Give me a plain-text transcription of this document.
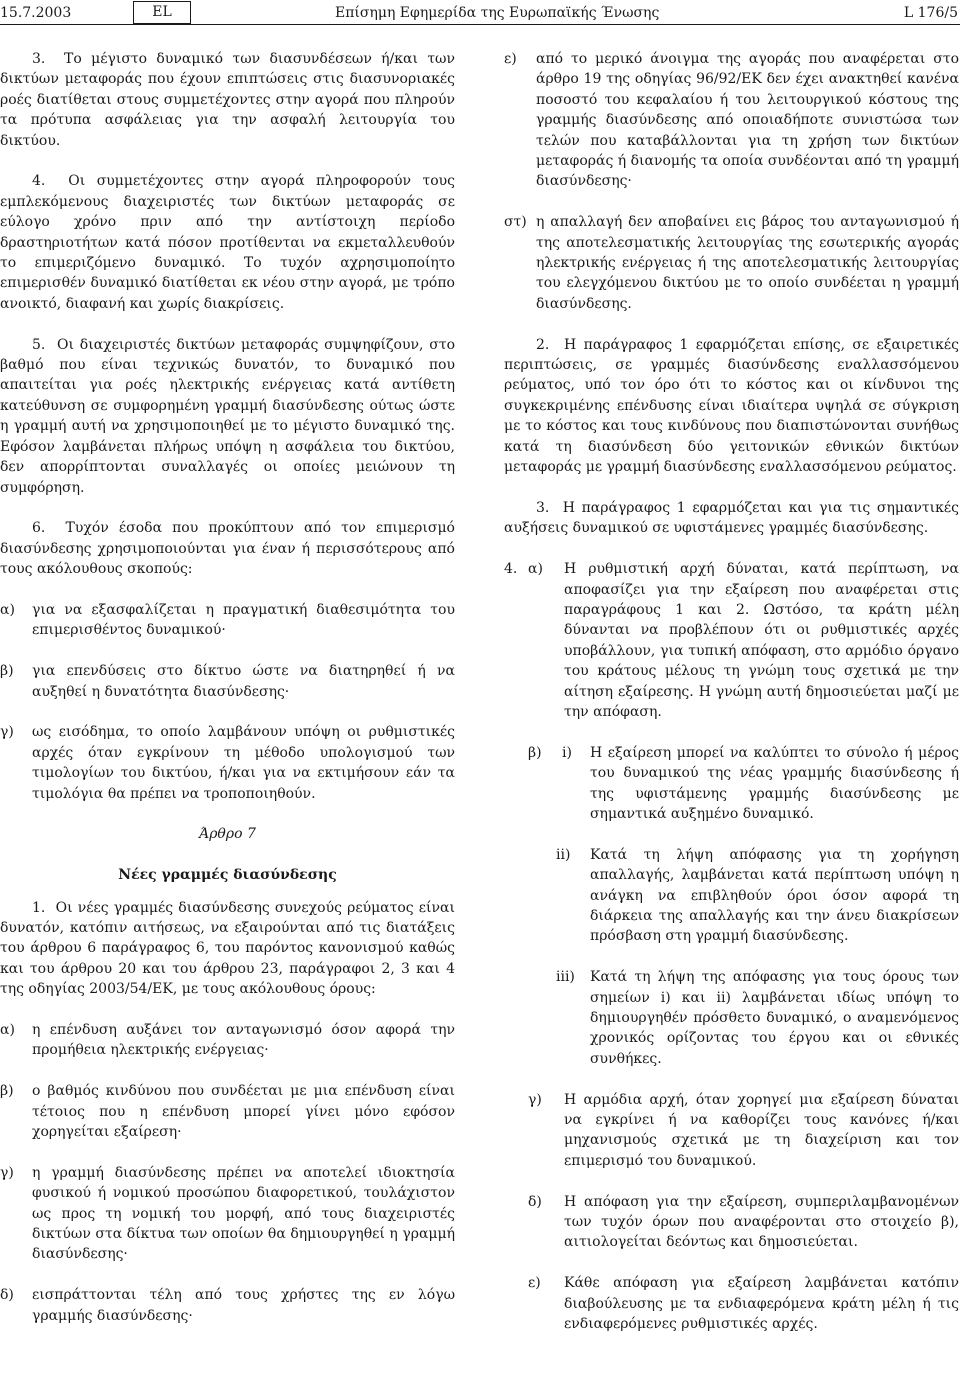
15.7.2003	EL	Επίσημη Εφημερίδα της Ευρωπαϊκής Ένωσης	L 176/5

3.  Το μέγιστο δυναμικό των διασυνδέσεων ή/και των δικτύων μεταφοράς που έχουν επιπτώσεις στις διασυνοριακές ροές διατίθεται στους συμμετέχοντες στην αγορά που πληρούν τα πρότυπα ασφάλειας για την ασφαλή λειτουργία του δικτύου.

4.  Οι συμμετέχοντες στην αγορά πληροφορούν τους εμπλεκόμενους διαχειριστές των δικτύων μεταφοράς σε εύλογο χρόνο πριν από την αντίστοιχη περίοδο δραστηριοτήτων κατά πόσον προτίθενται να εκμεταλλευθούν το επιμεριζόμενο δυναμικό. Το τυχόν αχρησιμοποίητο επιμερισθέν δυναμικό διατίθεται εκ νέου στην αγορά, με τρόπο ανοικτό, διαφανή και χωρίς διακρίσεις.

5.  Οι διαχειριστές δικτύων μεταφοράς συμψηφίζουν, στο βαθμό που είναι τεχνικώς δυνατόν, το δυναμικό που απαιτείται για ροές ηλεκτρικής ενέργειας κατά αντίθετη κατεύθυνση σε συμφορημένη γραμμή διασύνδεσης ούτως ώστε η γραμμή αυτή να χρησιμοποιηθεί με το μέγιστο δυναμικό της. Εφόσον λαμβάνεται πλήρως υπόψη η ασφάλεια του δικτύου, δεν απορρίπτονται συναλλαγές οι οποίες μειώνουν τη συμφόρηση.

6.  Τυχόν έσοδα που προκύπτουν από τον επιμερισμό διασύνδεσης χρησιμοποιούνται για έναν ή περισσότερους από τους ακόλουθους σκοπούς:

α) για να εξασφαλίζεται η πραγματική διαθεσιμότητα του επιμερισθέντος δυναμικού·
β) για επενδύσεις στο δίκτυο ώστε να διατηρηθεί ή να αυξηθεί η δυνατότητα διασύνδεσης·
γ) ως εισόδημα, το οποίο λαμβάνουν υπόψη οι ρυθμιστικές αρχές όταν εγκρίνουν τη μέθοδο υπολογισμού των τιμολογίων του δικτύου, ή/και για να εκτιμήσουν εάν τα τιμολόγια θα πρέπει να τροποποιηθούν.
Άρθρο 7
Νέες γραμμές διασύνδεσης

1.  Οι νέες γραμμές διασύνδεσης συνεχούς ρεύματος είναι δυνατόν, κατόπιν αιτήσεως, να εξαιρούνται από τις διατάξεις του άρθρου 6 παράγραφος 6, του παρόντος κανονισμού καθώς και του άρθρου 20 και του άρθρου 23, παράγραφοι 2, 3 και 4 της οδηγίας 2003/54/ΕΚ, με τους ακόλουθους όρους:

α) η επένδυση αυξάνει τον ανταγωνισμό όσον αφορά την προμήθεια ηλεκτρικής ενέργειας·
β) ο βαθμός κινδύνου που συνδέεται με μια επένδυση είναι τέτοιος που η επένδυση μπορεί γίνει μόνο εφόσον χορηγείται εξαίρεση·
γ) η γραμμή διασύνδεσης πρέπει να αποτελεί ιδιοκτησία φυσικού ή νομικού προσώπου διαφορετικού, τουλάχιστον ως προς τη νομική του μορφή, από τους διαχειριστές δικτύων στα δίκτυα των οποίων θα δημιουργηθεί η γραμμή διασύνδεσης·
δ) εισπράττονται τέλη από τους χρήστες της εν λόγω γραμμής διασύνδεσης·
ε) από το μερικό άνοιγμα της αγοράς που αναφέρεται στο άρθρο 19 της οδηγίας 96/92/ΕΚ δεν έχει ανακτηθεί κανένα ποσοστό του κεφαλαίου ή του λειτουργικού κόστους της γραμμής διασύνδεσης από οποιαδήποτε συνιστώσα των τελών που καταβάλλονται για τη χρήση των δικτύων μεταφοράς ή διανομής τα οποία συνδέονται από τη γραμμή διασύνδεσης·
στ) η απαλλαγή δεν αποβαίνει εις βάρος του ανταγωνισμού ή της αποτελεσματικής λειτουργίας της εσωτερικής αγοράς ηλεκτρικής ενέργειας ή της αποτελεσματικής λειτουργίας του ελεγχόμενου δικτύου με το οποίο συνδέεται η γραμμή διασύνδεσης.

2.  Η παράγραφος 1 εφαρμόζεται επίσης, σε εξαιρετικές περιπτώσεις, σε γραμμές διασύνδεσης εναλλασσόμενου ρεύματος, υπό τον όρο ότι το κόστος και οι κίνδυνοι της συγκεκριμένης επένδυσης είναι ιδιαίτερα υψηλά σε σύγκριση με το κόστος και τους κινδύνους που διαπιστώνονται συνήθως κατά τη διασύνδεση δύο γειτονικών εθνικών δικτύων μεταφοράς με γραμμή διασύνδεσης εναλλασσόμενου ρεύματος.

3.  Η παράγραφος 1 εφαρμόζεται και για τις σημαντικές αυξήσεις δυναμικού σε υφιστάμενες γραμμές διασύνδεσης.

4. α) Η ρυθμιστική αρχή δύναται, κατά περίπτωση, να αποφασίζει για την εξαίρεση που αναφέρεται στις παραγράφους 1 και 2. Ωστόσο, τα κράτη μέλη δύνανται να προβλέπουν ότι οι ρυθμιστικές αρχές υποβάλλουν, για τυπική απόφαση, στο αρμόδιο όργανο του κράτους μέλους τη γνώμη τους σχετικά με την αίτηση εξαίρεσης. Η γνώμη αυτή δημοσιεύεται μαζί με την απόφαση.
β) i) Η εξαίρεση μπορεί να καλύπτει το σύνολο ή μέρος του δυναμικού της νέας γραμμής διασύνδεσης ή της υφιστάμενης γραμμής διασύνδεσης με σημαντικά αυξημένο δυναμικό.
ii) Κατά τη λήψη απόφασης για τη χορήγηση απαλλαγής, λαμβάνεται κατά περίπτωση υπόψη η ανάγκη να επιβληθούν όροι όσον αφορά τη διάρκεια της απαλλαγής και την άνευ διακρίσεων πρόσβαση στη γραμμή διασύνδεσης.
iii) Κατά τη λήψη της απόφασης για τους όρους των σημείων i) και ii) λαμβάνεται ιδίως υπόψη το δημιουργηθέν πρόσθετο δυναμικό, ο αναμενόμενος χρονικός ορίζοντας του έργου και οι εθνικές συνθήκες.
γ) Η αρμόδια αρχή, όταν χορηγεί μια εξαίρεση δύναται να εγκρίνει ή να καθορίζει τους κανόνες ή/και μηχανισμούς σχετικά με τη διαχείριση και τον επιμερισμό του δυναμικού.
δ) Η απόφαση για την εξαίρεση, συμπεριλαμβανομένων των τυχόν όρων που αναφέρονται στο στοιχείο β), αιτιολογείται δεόντως και δημοσιεύεται.
ε) Κάθε απόφαση για εξαίρεση λαμβάνεται κατόπιν διαβούλευσης με τα ενδιαφερόμενα κράτη μέλη ή τις ενδιαφερόμενες ρυθμιστικές αρχές.
